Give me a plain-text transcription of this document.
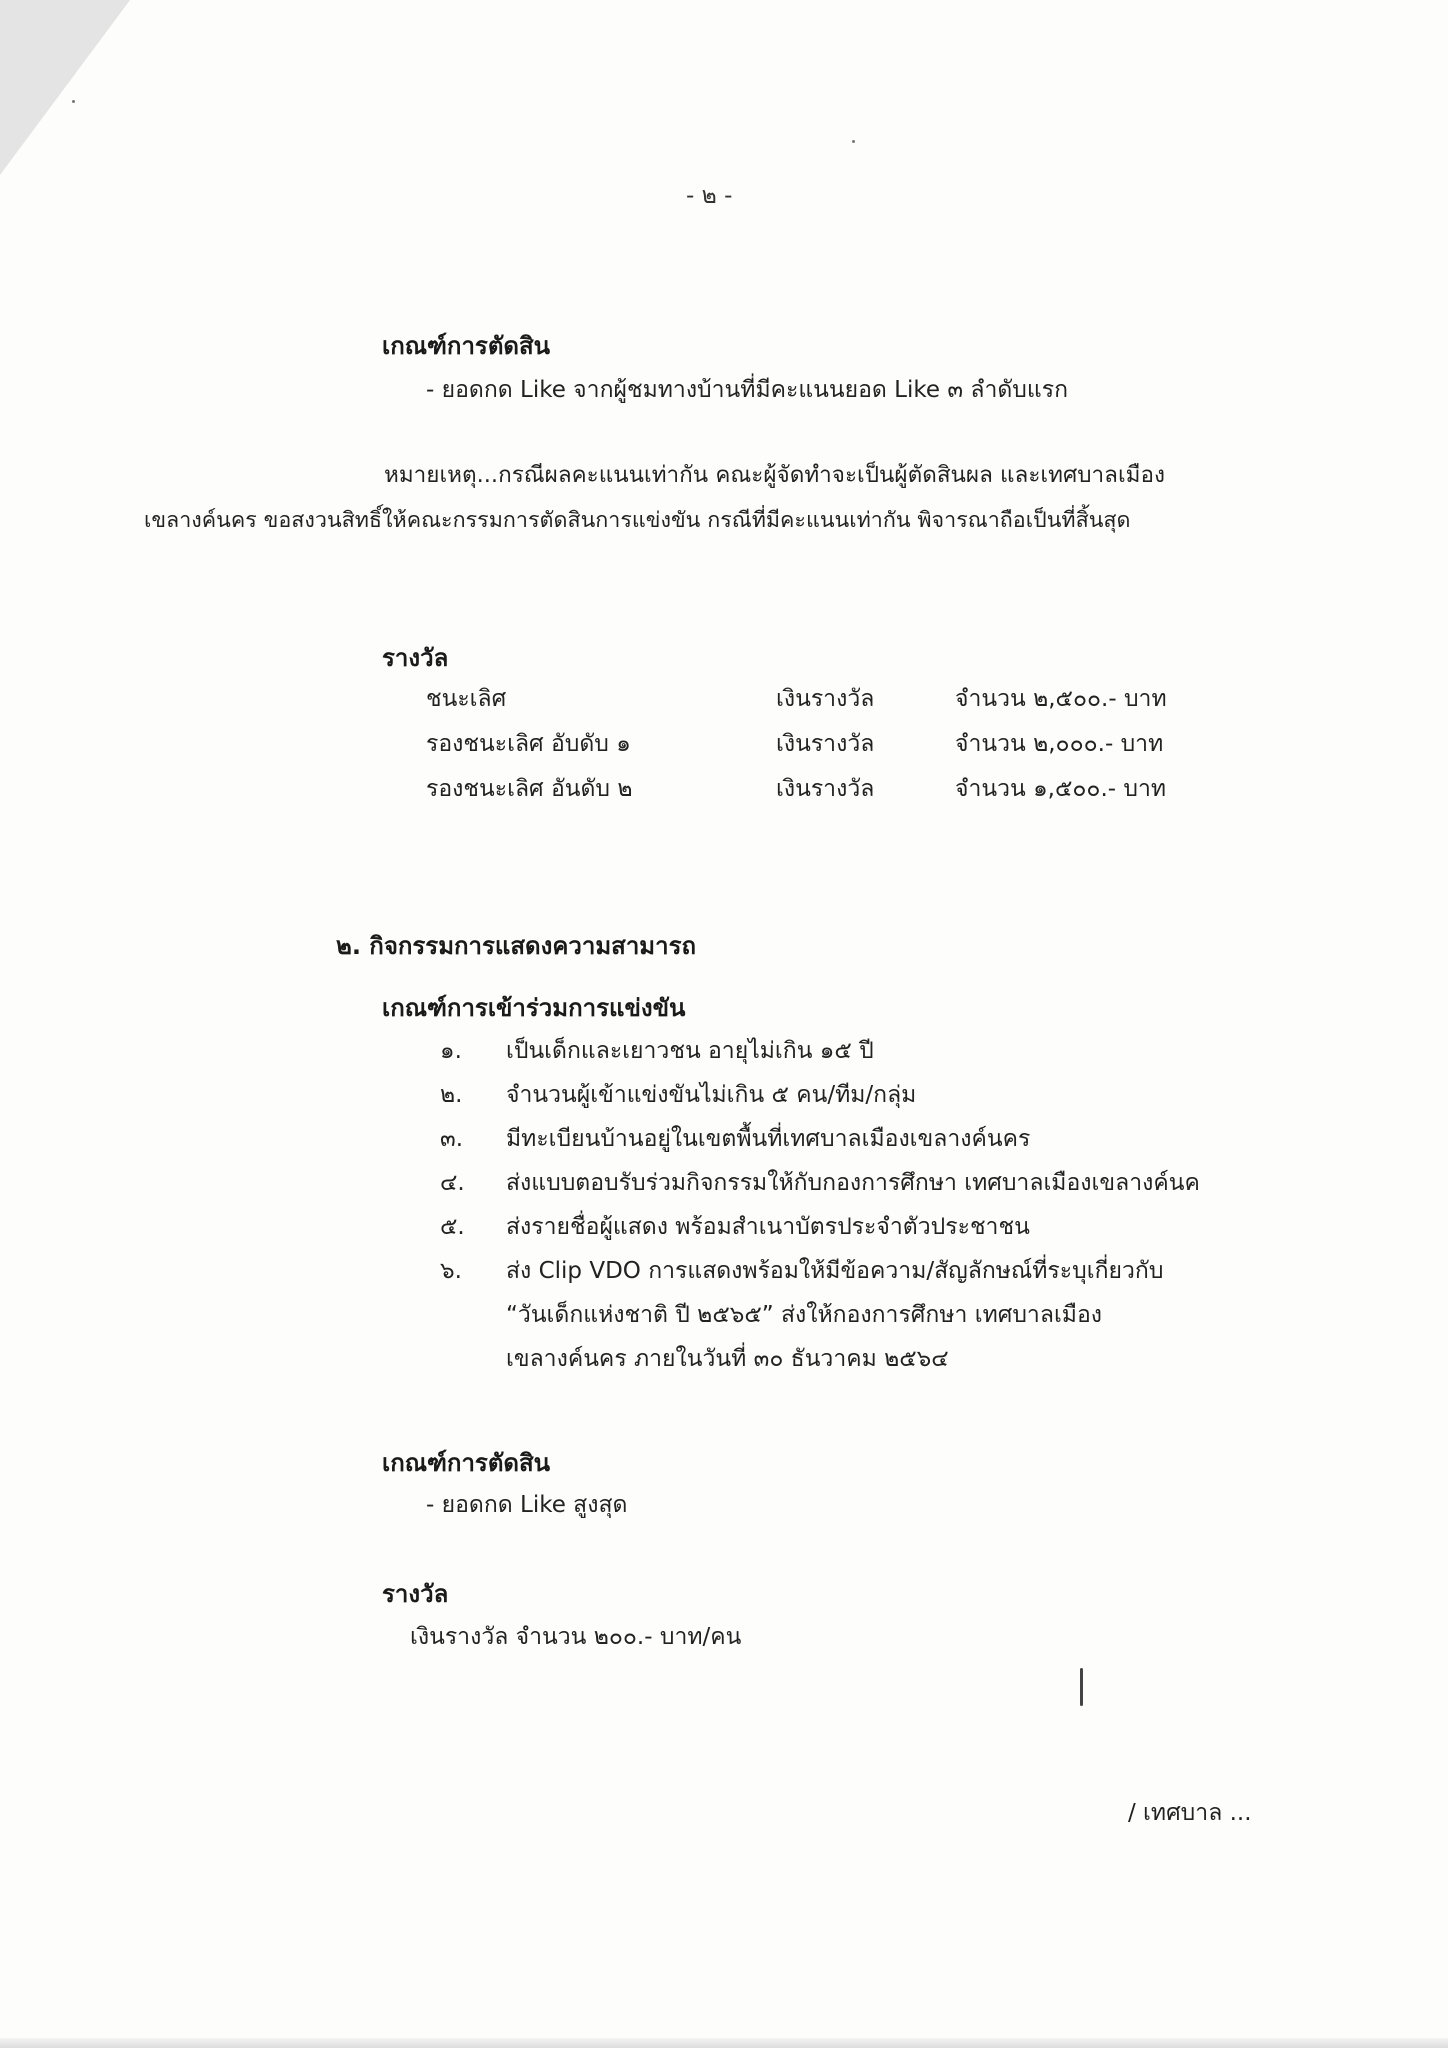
- ๒ -
เกณฑ์การตัดสิน
- ยอดกด Like จากผู้ชมทางบ้านที่มีคะแนนยอด Like ๓ ลำดับแรก
หมายเหตุ...กรณีผลคะแนนเท่ากัน คณะผู้จัดทำจะเป็นผู้ตัดสินผล และเทศบาลเมือง
เขลางค์นคร ขอสงวนสิทธิ์ให้คณะกรรมการตัดสินการแข่งขัน กรณีที่มีคะแนนเท่ากัน พิจารณาถือเป็นที่สิ้นสุด
รางวัล
ชนะเลิศ	เงินรางวัล	จำนวน ๒,๕๐๐.- บาท
รองชนะเลิศ อับดับ ๑	เงินรางวัล	จำนวน ๒,๐๐๐.- บาท
รองชนะเลิศ อันดับ ๒	เงินรางวัล	จำนวน ๑,๕๐๐.- บาท
๒. กิจกรรมการแสดงความสามารถ
เกณฑ์การเข้าร่วมการแข่งขัน
๑. เป็นเด็กและเยาวชน อายุไม่เกิน ๑๕ ปี
๒. จำนวนผู้เข้าแข่งขันไม่เกิน ๕ คน/ทีม/กลุ่ม
๓. มีทะเบียนบ้านอยู่ในเขตพื้นที่เทศบาลเมืองเขลางค์นคร
๔. ส่งแบบตอบรับร่วมกิจกรรมให้กับกองการศึกษา เทศบาลเมืองเขลางค์นค
๕. ส่งรายชื่อผู้แสดง พร้อมสำเนาบัตรประจำตัวประชาชน
๖. ส่ง Clip VDO การแสดงพร้อมให้มีข้อความ/สัญลักษณ์ที่ระบุเกี่ยวกับ
“วันเด็กแห่งชาติ ปี ๒๕๖๕” ส่งให้กองการศึกษา เทศบาลเมือง
เขลางค์นคร ภายในวันที่ ๓๐ ธันวาคม ๒๕๖๔
เกณฑ์การตัดสิน
- ยอดกด Like สูงสุด
รางวัล
เงินรางวัล จำนวน ๒๐๐.- บาท/คน
/ เทศบาล ...
